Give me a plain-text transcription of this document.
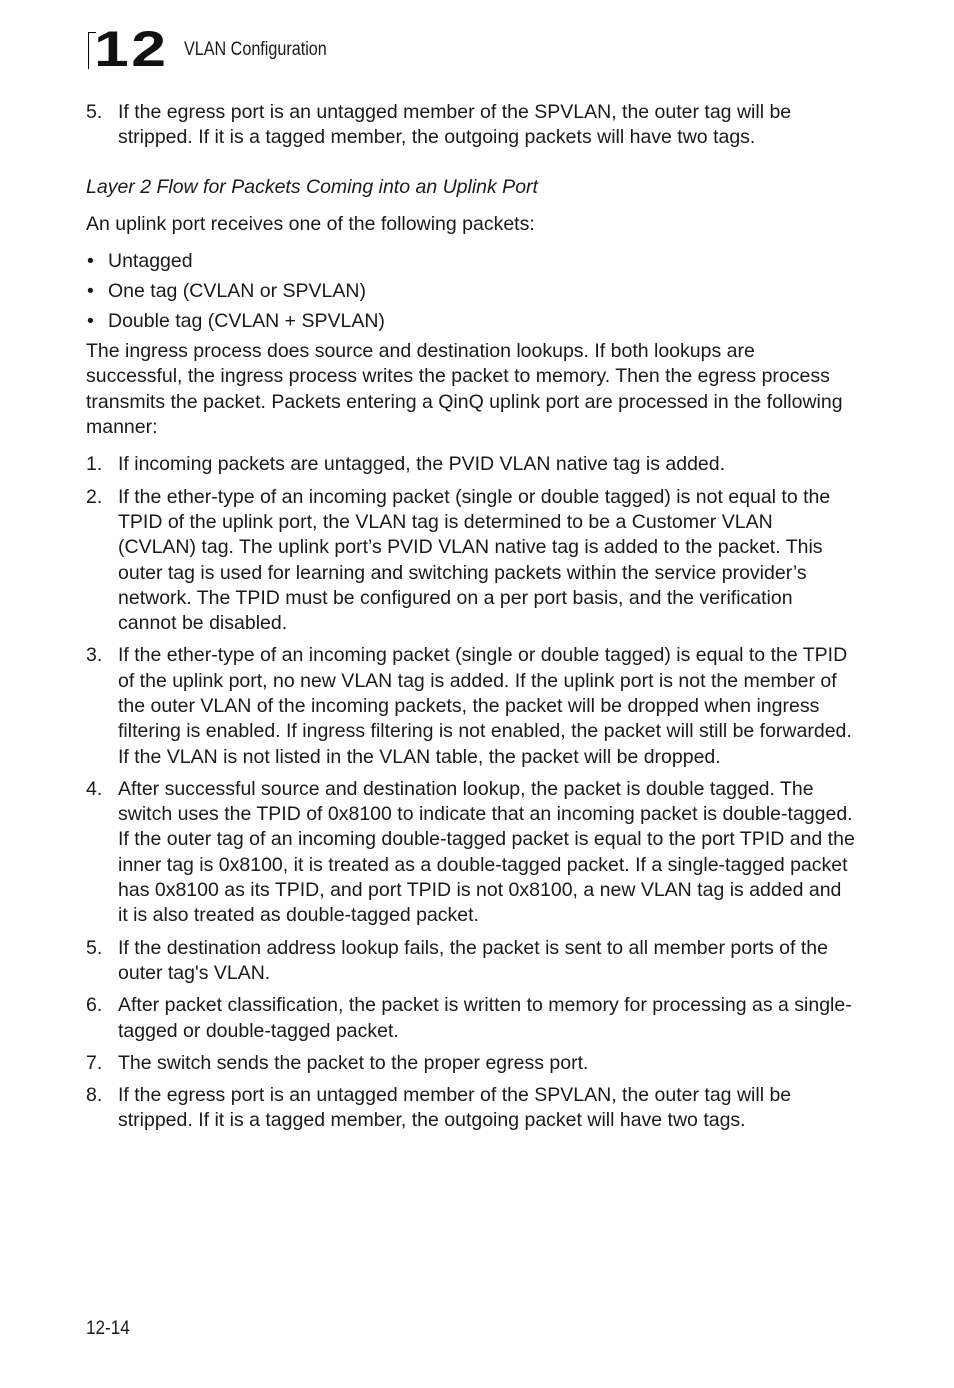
12 VLAN Configuration
5. If the egress port is an untagged member of the SPVLAN, the outer tag will be stripped. If it is a tagged member, the outgoing packets will have two tags.

Layer 2 Flow for Packets Coming into an Uplink Port

An uplink port receives one of the following packets:

• Untagged
• One tag (CVLAN or SPVLAN)
• Double tag (CVLAN + SPVLAN)

The ingress process does source and destination lookups. If both lookups are successful, the ingress process writes the packet to memory. Then the egress process transmits the packet. Packets entering a QinQ uplink port are processed in the following manner:

1. If incoming packets are untagged, the PVID VLAN native tag is added.
2. If the ether-type of an incoming packet (single or double tagged) is not equal to the TPID of the uplink port, the VLAN tag is determined to be a Customer VLAN (CVLAN) tag. The uplink port’s PVID VLAN native tag is added to the packet. This outer tag is used for learning and switching packets within the service provider’s network. The TPID must be configured on a per port basis, and the verification cannot be disabled.
3. If the ether-type of an incoming packet (single or double tagged) is equal to the TPID of the uplink port, no new VLAN tag is added. If the uplink port is not the member of the outer VLAN of the incoming packets, the packet will be dropped when ingress filtering is enabled. If ingress filtering is not enabled, the packet will still be forwarded. If the VLAN is not listed in the VLAN table, the packet will be dropped.
4. After successful source and destination lookup, the packet is double tagged. The switch uses the TPID of 0x8100 to indicate that an incoming packet is double-tagged. If the outer tag of an incoming double-tagged packet is equal to the port TPID and the inner tag is 0x8100, it is treated as a double-tagged packet. If a single-tagged packet has 0x8100 as its TPID, and port TPID is not 0x8100, a new VLAN tag is added and it is also treated as double-tagged packet.
5. If the destination address lookup fails, the packet is sent to all member ports of the outer tag's VLAN.
6. After packet classification, the packet is written to memory for processing as a single-tagged or double-tagged packet.
7. The switch sends the packet to the proper egress port.
8. If the egress port is an untagged member of the SPVLAN, the outer tag will be stripped. If it is a tagged member, the outgoing packet will have two tags.
12-14
